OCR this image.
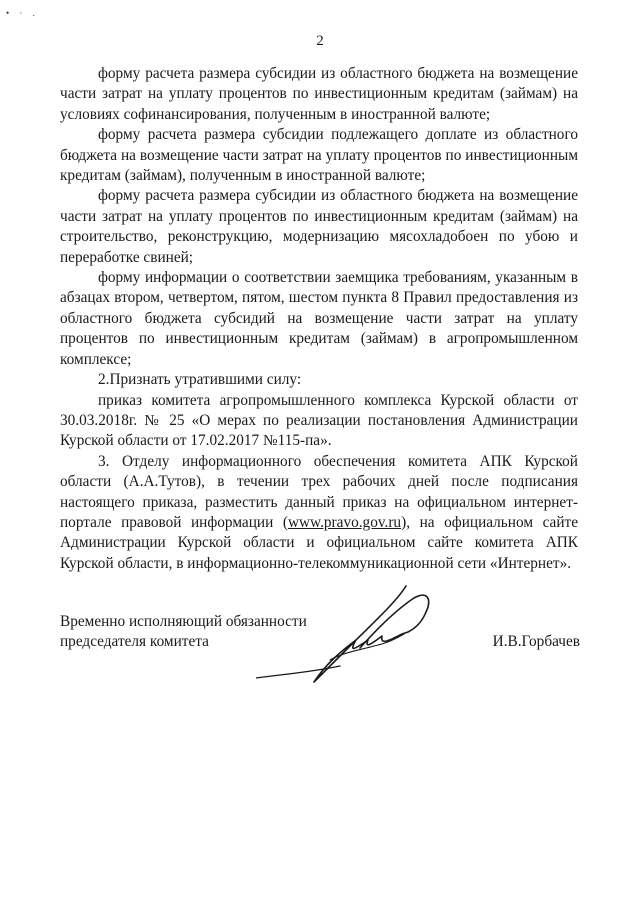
• · .
2

форму расчета размера субсидии из областного бюджета на возмещение части затрат на уплату процентов по инвестиционным кредитам (займам) на условиях софинансирования, полученным в иностранной валюте;

форму расчета размера субсидии подлежащего доплате из областного бюджета на возмещение части затрат на уплату процентов по инвестиционным кредитам (займам), полученным в иностранной валюте;

форму расчета размера субсидии из областного бюджета на возмещение части затрат на уплату процентов по инвестиционным кредитам (займам) на строительство, реконструкцию, модернизацию мясохладобоен по убою и переработке свиней;

форму информации о соответствии заемщика требованиям, указанным в абзацах втором, четвертом, пятом, шестом пункта 8 Правил предоставления из областного бюджета субсидий на возмещение части затрат на уплату процентов по инвестиционным кредитам (займам) в агропромышленном комплексе;

2.Признать утратившими силу:

приказ комитета агропромышленного комплекса Курской области от 30.03.2018г. № 25 «О мерах по реализации постановления Администрации Курской области от 17.02.2017 №115-па».

3. Отделу информационного обеспечения комитета АПК Курской области (А.А.Тутов), в течении трех рабочих дней после подписания настоящего приказа, разместить данный приказ на официальном интернет-портале правовой информации (www.pravo.gov.ru), на официальном сайте Администрации Курской области и официальном сайте комитета АПК Курской области, в информационно-телекоммуникационной сети «Интернет».

Временно исполняющий обязанности
председателя комитета	И.В.Горбачев
